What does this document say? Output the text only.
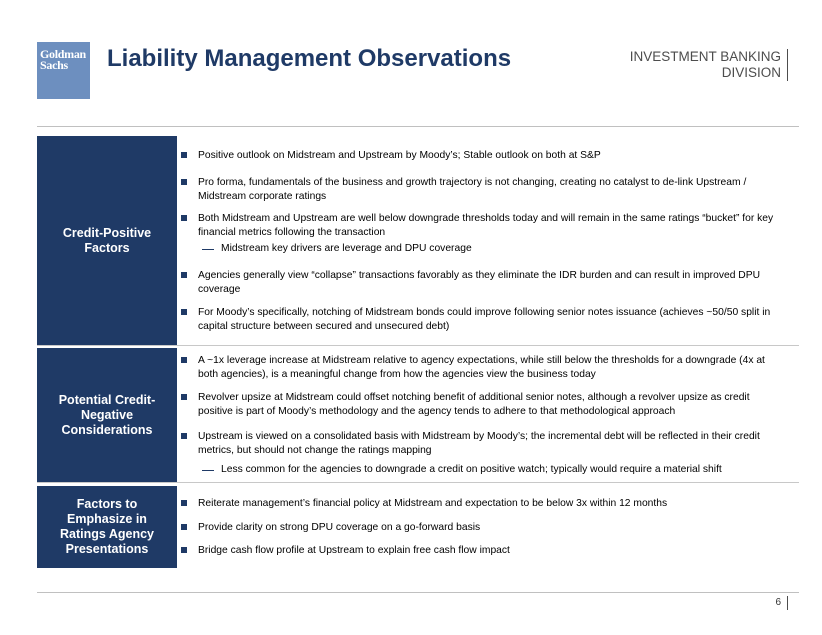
Goldman
Sachs Liability Management Observations	INVESTMENT BANKING
DIVISION
Credit-Positive Factors
Positive outlook on Midstream and Upstream by Moody’s; Stable outlook on both at S&P
Pro forma, fundamentals of the business and growth trajectory is not changing, creating no catalyst to de-link Upstream / Midstream corporate ratings
Both Midstream and Upstream are well below downgrade thresholds today and will remain in the same ratings “bucket” for key financial metrics following the transaction
Midstream key drivers are leverage and DPU coverage
Agencies generally view “collapse” transactions favorably as they eliminate the IDR burden and can result in improved DPU coverage
For Moody’s specifically, notching of Midstream bonds could improve following senior notes issuance (achieves ~50/50 split in capital structure between secured and unsecured debt)
Potential Credit-Negative Considerations
A ~1x leverage increase at Midstream relative to agency expectations, while still below the thresholds for a downgrade (4x at both agencies), is a meaningful change from how the agencies view the business today
Revolver upsize at Midstream could offset notching benefit of additional senior notes, although a revolver upsize as credit positive is part of Moody’s methodology and the agency tends to adhere to that methodological approach
Upstream is viewed on a consolidated basis with Midstream by Moody’s; the incremental debt will be reflected in their credit metrics, but should not change the ratings mapping
Less common for the agencies to downgrade a credit on positive watch; typically would require a material shift
Factors to Emphasize in Ratings Agency Presentations
Reiterate management’s financial policy at Midstream and expectation to be below 3x within 12 months
Provide clarity on strong DPU coverage on a go-forward basis
Bridge cash flow profile at Upstream to explain free cash flow impact
6
